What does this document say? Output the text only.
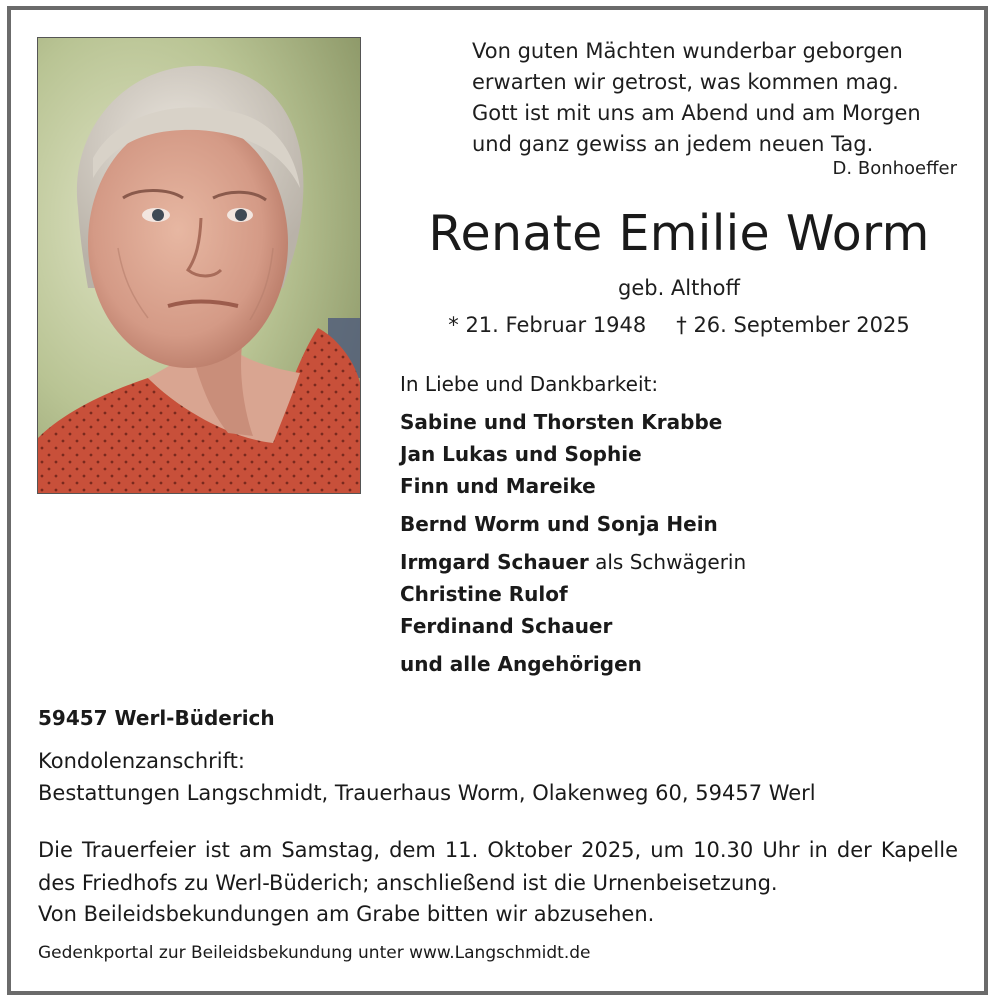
Von guten Mächten wunderbar geborgen
erwarten wir getrost, was kommen mag.
Gott ist mit uns am Abend und am Morgen
und ganz gewiss an jedem neuen Tag.
D. Bonhoeffer
Renate Emilie Worm
geb. Althoff
* 21. Februar 1948 † 26. September 2025
In Liebe und Dankbarkeit:
Sabine und Thorsten Krabbe
Jan Lukas und Sophie
Finn und Mareike
Bernd Worm und Sonja Hein
Irmgard Schauer als Schwägerin
Christine Rulof
Ferdinand Schauer
und alle Angehörigen
59457 Werl-Büderich
Kondolenzanschrift:
Bestattungen Langschmidt, Trauerhaus Worm, Olakenweg 60, 59457 Werl
Die Trauerfeier ist am Samstag, dem 11. Oktober 2025, um 10.30 Uhr in der Kapelle des Friedhofs zu Werl-Büderich; anschließend ist die Urnenbeisetzung.
Von Beileidsbekundungen am Grabe bitten wir abzusehen.
Gedenkportal zur Beileidsbekundung unter www.Langschmidt.de
